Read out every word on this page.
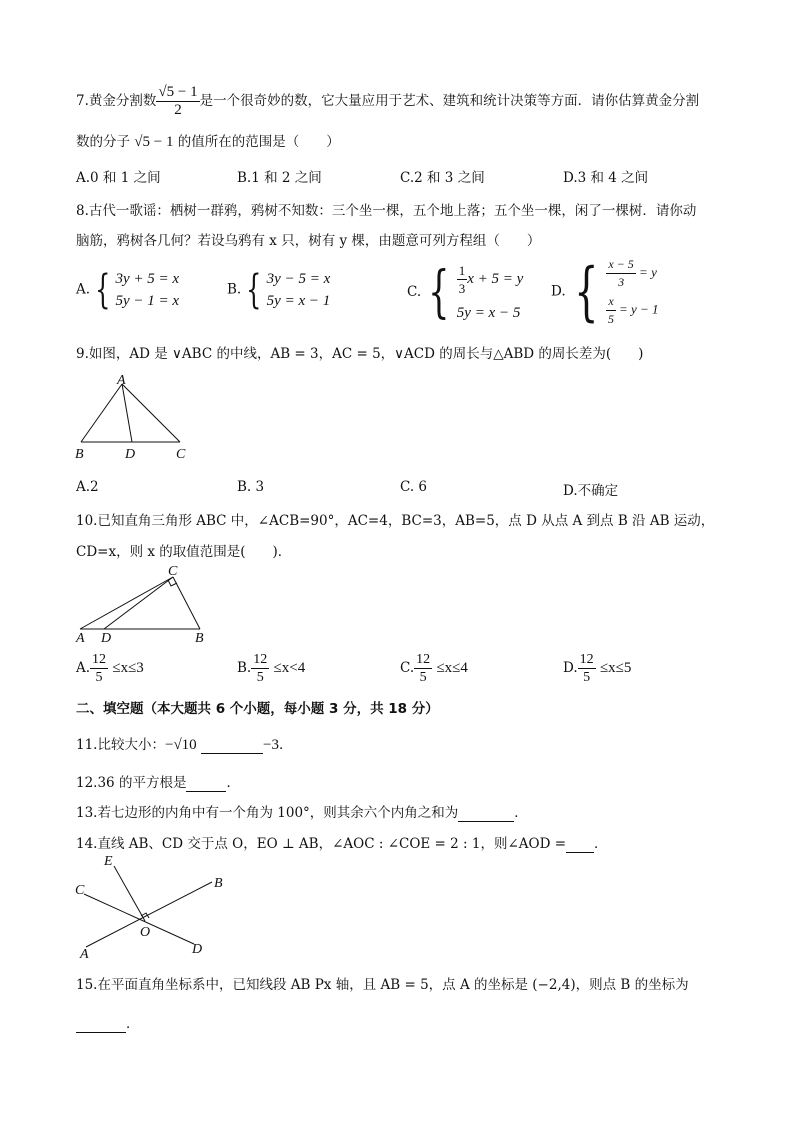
7.黄金分割数 $\frac{√5 - 1}{2}$ 是一个很奇妙的数，它大量应用于艺术、建筑和统计决策等方面．请你估算黄金分割
数的分子 √5 − 1 的值所在的范围是（　　）
A.0 和 1 之间	B.1 和 2 之间	C.2 和 3 之间	D.3 和 4 之间
8.古代一歌谣：栖树一群鸦，鸦树不知数：三个坐一棵，五个地上落；五个坐一棵，闲了一棵树．请你动
脑筋，鸦树各几何？若设乌鸦有 x 只，树有 y 棵，由题意可列方程组（　　）
A. { 3y + 5 = x
5y − 1 = x
B. { 3y − 5 = x
5y = x − 1
C. { $\frac{1}{3}$ x + 5 = y
5y = x − 5
D. { $\frac{x - 5}{3} = y$
$\frac{x}{5} = y - 1$
9.如图，AD 是 ∨ABC 的中线，AB = 3，AC = 5，∨ACD 的周长与△ABD 的周长差为(　　)
A
B	D	C
A.2	B. 3	C. 6	D.不确定
10.已知直角三角形 ABC 中，∠ACB=90°，AC=4，BC=3，AB=5，点 D 从点 A 到点 B 沿 AB 运动，
CD=x，则 x 的取值范围是(　　)．
C
A D	B
A. $\frac{12}{5} \le x\le 3$	B. $\frac{12}{5} \le x<4$	C. $\frac{12}{5} \le x\le 4$	D. $\frac{12}{5} \le x\le 5$
二、填空题（本大题共 6 个小题，每小题 3 分，共 18 分）
11.比较大小：−√10	−3．
12.36 的平方根是	．
13.若七边形的内角中有一个角为 100°，则其余六个内角之和为	．
14.直线 AB、CD 交于点 O，EO ⊥ AB，∠AOC : ∠COE = 2 : 1，则∠AOD = ．
E
C	B
O
D
A
15.在平面直角坐标系中，已知线段 AB Px 轴，且 AB = 5，点 A 的坐标是 (−2,4)，则点 B 的坐标为
．
